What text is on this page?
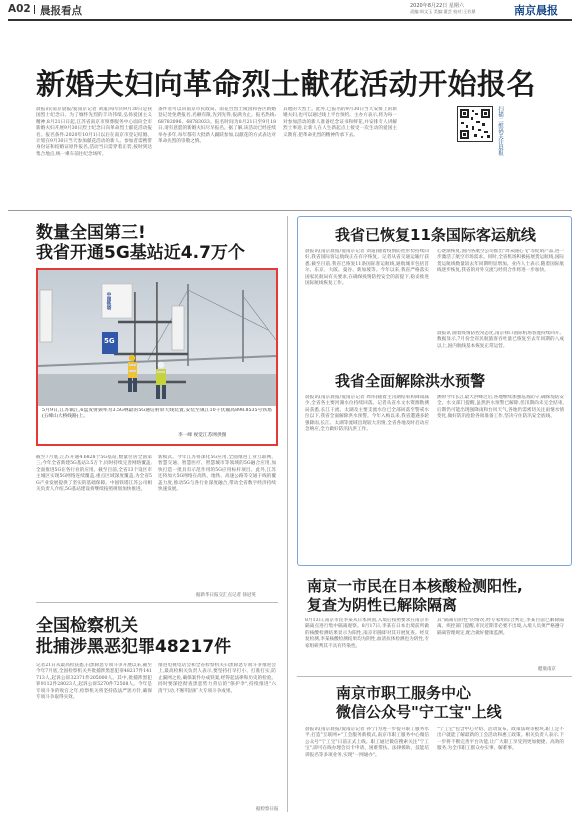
A02 晨报看点	2020年8月22日 星期六
责编:周文玉 美编:董芸 校对:王若鼎	南京晨报
新婚夫妇向革命烈士献花活动开始报名
晨报讯(南京晨报/爱南京记者 刘道)每年的9月30日是我国烈士纪念日。为了缅怀先烈的丰功伟绩,弘扬爱国主义精神,8月21日日起,江苏省南京市殡葬服务中心面向全市新婚夫妇开展9月30日烈士纪念日向革命烈士献花活动报名。报名条件:2020年10月1日以后在南京市登记结婚、计划在9月30日当天参加献花活动的新人。参加者需携带身份证和结婚证原件报名,活动当日需穿着正装,按时到达集合地点,统一乘车前往纪念场所。
条件者可以向南京市民政局、雨花台烈士陵园和各区新婚登记处免费报名,名额有限,先到先得,报满为止。报名热线:68783096、68783033。报名时间为8月21日至9月18日,请有意愿的新婚夫妇尽早报名。据了解,该活动已经连续举办多年,每年都有大批新人踊跃参加,以献花的方式表达对革命先烈的崇敬之情。
其他的大烈士。此外,已报名的9月30日当天安排上的新婚夫妇,也可以通过线上平台预约。主办方表示,将为每一对参加活动的新人准备纪念证书和鲜花,并安排专人讲解烈士事迹,让新人在人生新起点上接受一次生动的爱国主义教育,把革命先烈的精神传承下去。	扫描二维码关注晨报
数量全国第三!
我省开通5G基站近4.7万个
中国铁塔
5G
5月9日,江苏镇江,6盘发射频率为3.5G林最的5G通信射屏天线装置,安装至镇江10千伏输高898.8535号铁塔(五峰山大桥线路)上。
李一峰 视觉江苏网供图
截至7月底,江苏开通4.6828个5G基站,数量位居全国第三;今年全省新建5G基站3.5万个,同时持续完善网络覆盖,全面推进5G在各行业的应用。截至目前,全省13个设区市主城区实现5G网络连续覆盖,重点区域深度覆盖,为全省5G产业发展提供了坚实的基础保障。中国铁塔江苏公司相关负责人介绍,5G基站建设将继续按照规划加快推进。
新模式。今年江苏将深化5G应用,全面推进工业互联网、智慧交通、智慧医疗、智慧城市等领域的5G融合应用,加快打造一批具有示范作用的5G应用标杆项目。此外,江苏还将加大5G网络在高铁、地铁、高速公路等交通干线的覆盖力度,推动5G与各行业深度融合,带动全省数字经济持续快速发展。
据新华日报交汇点记者 徐冠英
全国检察机关
批捕涉黑恶犯罪48217件
记者21日从最高检获悉,扫黑除恶专项斗争开展以来,截至今年7月底,全国检察机关共批捕涉黑恶犯罪48217件141713人,起诉公诉32371件205000人。其中,批捕涉黑犯罪9112件28023人,起诉公诉5270件72508人。今年是专项斗争的收官之年,检察机关将坚持依法严惩方针,确保专项斗争取得实效。
推进电视电话会和全省检察机关扫黑除恶专项斗争推进会上,最高检相关负责人表示,要坚持打早打小、打准打实,防止漏网之鱼,确保案件办成铁案,经得起法律和历史的检验。同时要深挖彻查黑恶势力背后的"保护伞",持续推进"六清"行动,不断巩固扩大专项斗争成果。
据检察日报
我省已恢复11条国际客运航线
晨报讯(南京晨报/爱南京记者 刘道)随着疫情防控形势持续向好,我省国际客运航线正在有序恢复。记者从省交通运输厅获悉,截至目前,我省已恢复11条国际客运航线,通航城市包括首尔、东京、大阪、曼谷、新加坡等。今年以来,我省严格落实国家民航局有关要求,在确保疫情防控安全的前提下,稳妥推进国际航线恢复工作。
心逐渐恢复,国内各航空公司推出"周末随心飞"等促销产品,进一步激活了航空市场需求。同时,全省机场积极拓展货运航线,国际货运航线数量较去年同期明显增加。业内人士表示,随着国际航线逐步恢复,我省的对外交流与经贸合作将进一步加快。
晨报讯 随着疫情防控常态化,南京禄口国际机场客流持续回升。数据显示,7月份全省民航旅客吞吐量已恢复至去年同期的八成以上,国内航线基本恢复正常运营。
我省全面解除洪水预警
晨报讯(南京晨报/爱南京记者 周伟)随着主汛期结束和降雨减少,全省各主要河湖水位持续回落。记者从省水文水资源勘测局获悉,长江干流、太湖及主要支流水位已全部回落至警戒水位以下,我省全面解除洪水预警。今年入梅以来,我省遭遇多轮强降雨,长江、太湖等流域出现较大汛情,全省各地及时启动应急响应,全力做好防汛抗洪工作。
测时今年长江最大洪峰过后,各地继续加强巡查防守,确保堤防安全。水文部门提醒,虽然洪水预警已解除,但汛期尚未完全结束,后期仍可能出现强降雨和台风天气,各地仍需密切关注雨情水情变化,做好防汛抢险各项准备工作,坚决守住防汛安全底线。
南京一市民在日本核酸检测阳性,
复查为阴性已解除隔离
8月13日,南京市民李某从日本回国,入境后按照要求在南京市隔离点进行集中隔离观察。8月17日,李某在日本出境前所做的核酸检测结果显示为阳性,南京市随即对其开展复查。经反复检测,李某核酸检测结果均为阴性,血清抗体检测也为阴性,专家组研判其不具有传染性。
其"隔离后阴性"的情况,经专家组综合判定,李某目前已解除隔离。疾控部门提醒,市民近期非必要不出境,入境人员须严格遵守隔离管理规定,配合做好健康监测。
健康南京
南京市职工服务中心
微信公众号"宁工宝"上线
晨报讯(南京晨报/爱南京记者 孙宁)为进一步提升职工服务水平,打造"互联网+"工会服务新模式,南京市职工服务中心微信公众号"宁工宝"日前正式上线。职工通过微信搜索关注"宁工宝",即可在线办理会员卡申请、困难帮扶、法律援助、技能培训报名等多项业务,实现"一网通办"。
"宁工宝"包含中心介绍、活动发布、政策法规等板块,职工足不出户就能了解最新的工会活动和惠工政策。相关负责人表示,下一步将不断完善平台功能,让广大职工享受到更加便捷、高效的服务,为全市职工群众办实事、解难事。
